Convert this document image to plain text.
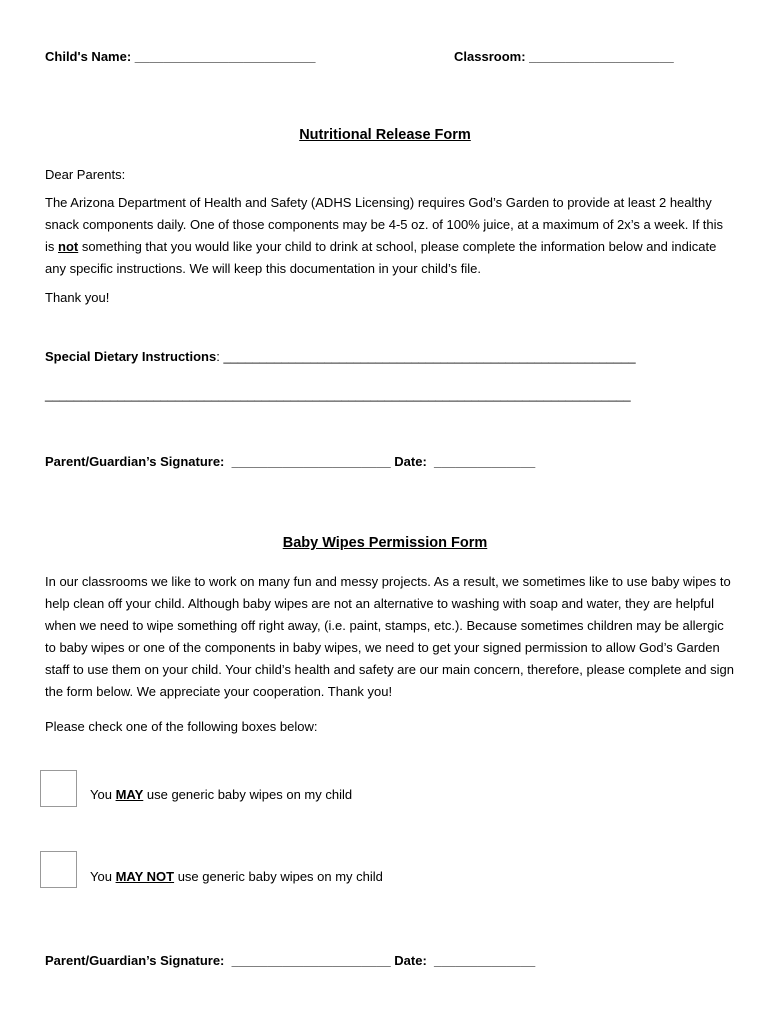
Child's Name: _________________________	Classroom: ____________________
Nutritional Release Form
Dear Parents:

The Arizona Department of Health and Safety (ADHS Licensing) requires God’s Garden to provide at least 2 healthy snack components daily. One of those components may be 4-5 oz. of 100% juice, at a maximum of 2x’s a week. If this is not something that you would like your child to drink at school, please complete the information below and indicate any specific instructions. We will keep this documentation in your child’s file.

Thank you!
Special Dietary Instructions: _________________________________________________________
_________________________________________________________________________________
Parent/Guardian’s Signature:  ______________________ Date:  ______________
Baby Wipes Permission Form

In our classrooms we like to work on many fun and messy projects. As a result, we sometimes like to use baby wipes to help clean off your child. Although baby wipes are not an alternative to washing with soap and water, they are helpful when we need to wipe something off right away, (i.e. paint, stamps, etc.). Because sometimes children may be allergic to baby wipes or one of the components in baby wipes, we need to get your signed permission to allow God’s Garden staff to use them on your child. Your child’s health and safety are our main concern, therefore, please complete and sign the form below. We appreciate your cooperation. Thank you!

Please check one of the following boxes below:
You MAY use generic baby wipes on my child
You MAY NOT use generic baby wipes on my child
Parent/Guardian’s Signature:  ______________________ Date:  ______________
